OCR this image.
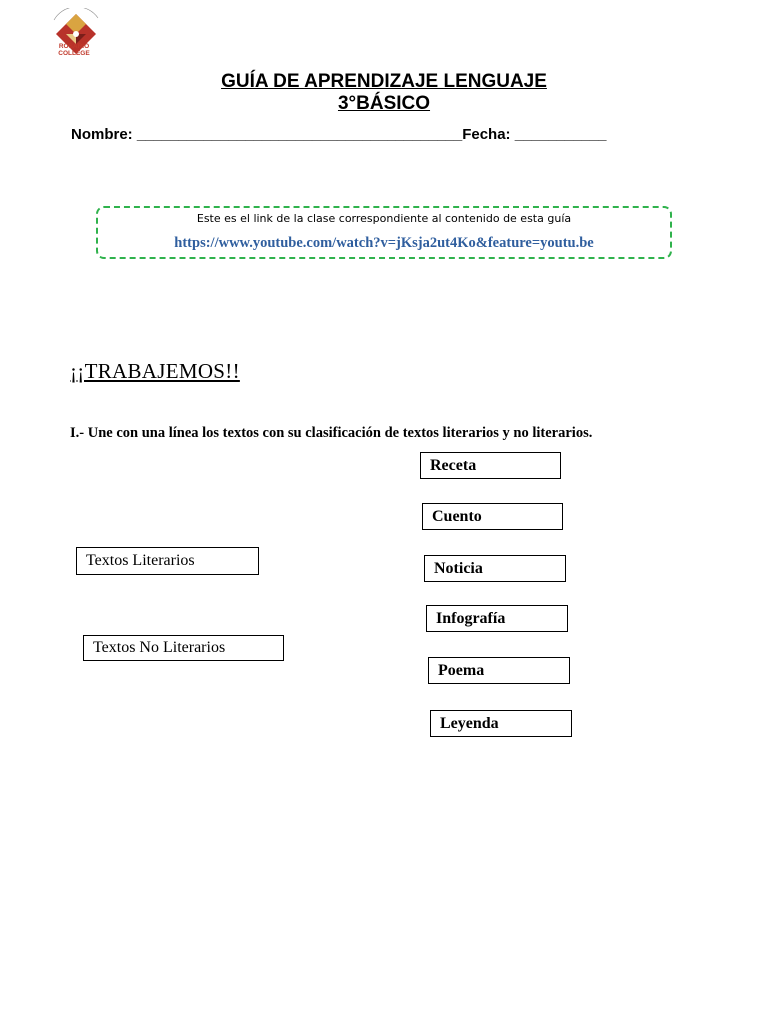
ROSARIO COLLEGE
GUÍA DE APRENDIZAJE LENGUAJE
3°BÁSICO
Nombre: _______________________________________Fecha: ___________
Este es el link de la clase correspondiente al contenido de esta guía
https://www.youtube.com/watch?v=jKsja2ut4Ko&feature=youtu.be
¡¡TRABAJEMOS!!
I.- Une con una línea los textos con su clasificación de textos literarios y no literarios.
Textos Literarios
Textos No Literarios
Receta
Cuento
Noticia
Infografía
Poema
Leyenda
